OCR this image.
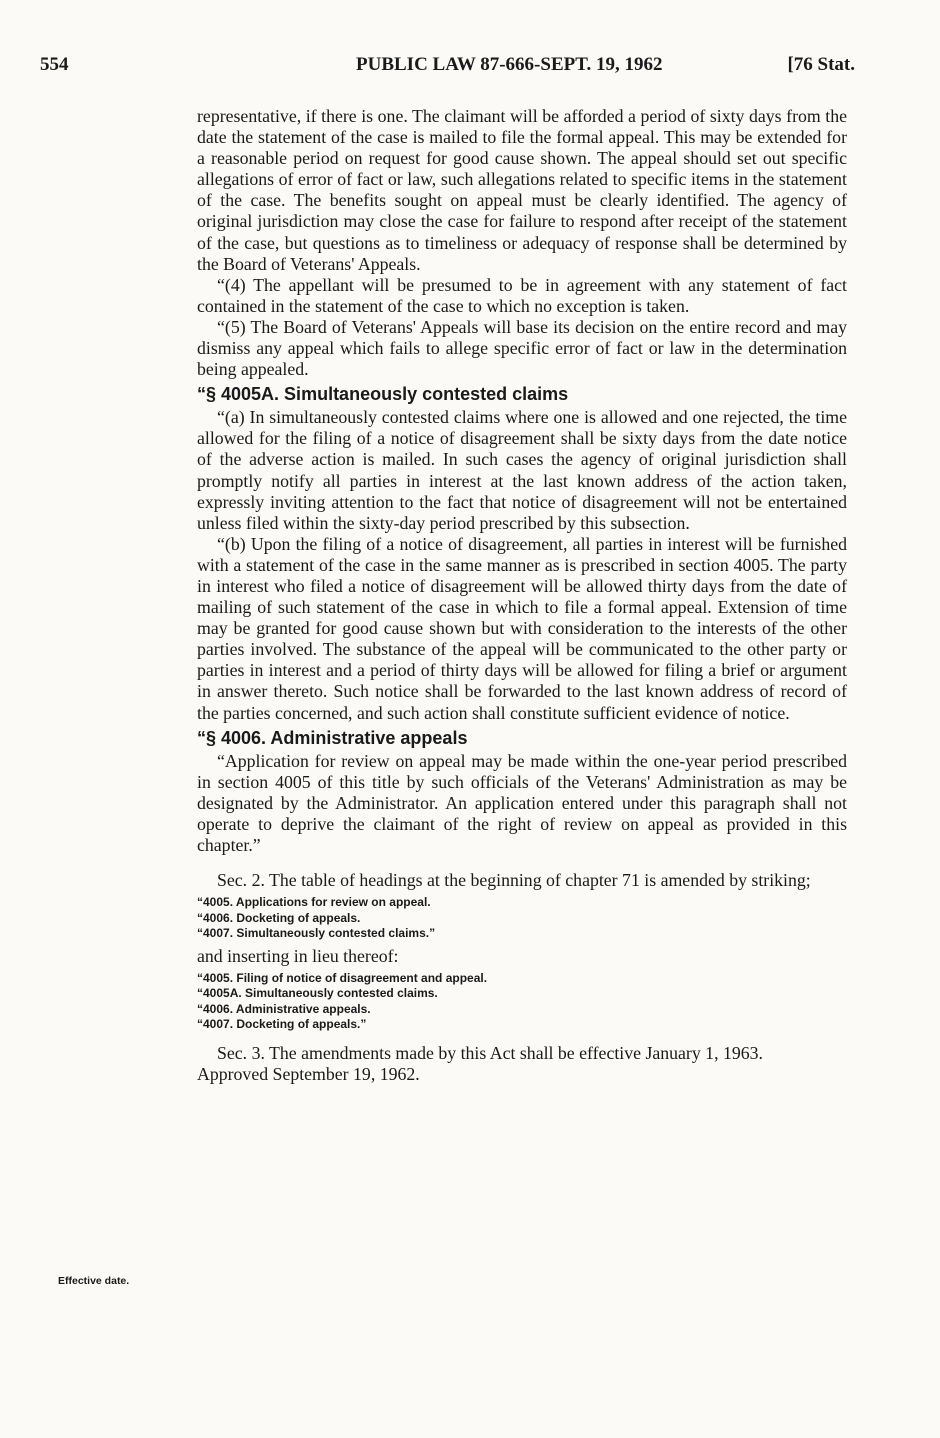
554	PUBLIC LAW 87-666-SEPT. 19, 1962	[76 Stat.
Effective date.

representative, if there is one. The claimant will be afforded a period of sixty days from the date the statement of the case is mailed to file the formal appeal. This may be extended for a reasonable period on request for good cause shown. The appeal should set out specific allegations of error of fact or law, such allegations related to specific items in the statement of the case. The benefits sought on appeal must be clearly identified. The agency of original jurisdiction may close the case for failure to respond after receipt of the statement of the case, but questions as to timeliness or adequacy of response shall be determined by the Board of Veterans' Appeals.

“(4) The appellant will be presumed to be in agreement with any statement of fact contained in the statement of the case to which no exception is taken.

“(5) The Board of Veterans' Appeals will base its decision on the entire record and may dismiss any appeal which fails to allege specific error of fact or law in the determination being appealed.

“§ 4005A. Simultaneously contested claims

“(a) In simultaneously contested claims where one is allowed and one rejected, the time allowed for the filing of a notice of disagreement shall be sixty days from the date notice of the adverse action is mailed. In such cases the agency of original jurisdiction shall promptly notify all parties in interest at the last known address of the action taken, expressly inviting attention to the fact that notice of disagreement will not be entertained unless filed within the sixty-day period prescribed by this subsection.

“(b) Upon the filing of a notice of disagreement, all parties in interest will be furnished with a statement of the case in the same manner as is prescribed in section 4005. The party in interest who filed a notice of disagreement will be allowed thirty days from the date of mailing of such statement of the case in which to file a formal appeal. Extension of time may be granted for good cause shown but with consideration to the interests of the other parties involved. The substance of the appeal will be communicated to the other party or parties in interest and a period of thirty days will be allowed for filing a brief or argument in answer thereto. Such notice shall be forwarded to the last known address of record of the parties concerned, and such action shall constitute sufficient evidence of notice.

“§ 4006. Administrative appeals

“Application for review on appeal may be made within the one-year period prescribed in section 4005 of this title by such officials of the Veterans' Administration as may be designated by the Administrator. An application entered under this paragraph shall not operate to deprive the claimant of the right of review on appeal as provided in this chapter.”

Sec. 2. The table of headings at the beginning of chapter 71 is amended by striking;

“4005. Applications for review on appeal.
“4006. Docketing of appeals.
“4007. Simultaneously contested claims.”

and inserting in lieu thereof:

“4005. Filing of notice of disagreement and appeal.
“4005A. Simultaneously contested claims.
“4006. Administrative appeals.
“4007. Docketing of appeals.”

Sec. 3. The amendments made by this Act shall be effective January 1, 1963.

Approved September 19, 1962.
